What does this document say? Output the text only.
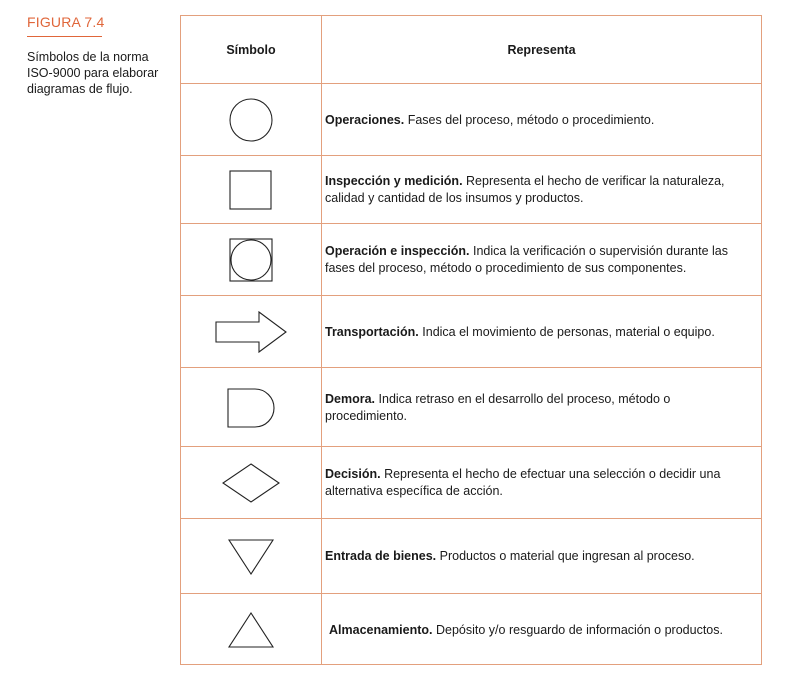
FIGURA 7.4
Símbolos de la norma ISO-9000 para elaborar diagramas de flujo.
Símbolo	Representa
Operaciones. Fases del proceso, método o procedimiento.
Inspección y medición. Representa el hecho de verificar la naturaleza, calidad y cantidad de los insumos y productos.
Operación e inspección. Indica la verificación o supervisión durante las fases del proceso, método o procedimiento de sus componentes.
Transportación. Indica el movimiento de personas, material o equipo.
Demora. Indica retraso en el desarrollo del proceso, método o procedimiento.
Decisión. Representa el hecho de efectuar una selección o decidir una alternativa específica de acción.
Entrada de bienes. Productos o material que ingresan al proceso.
Almacenamiento. Depósito y/o resguardo de información o productos.
